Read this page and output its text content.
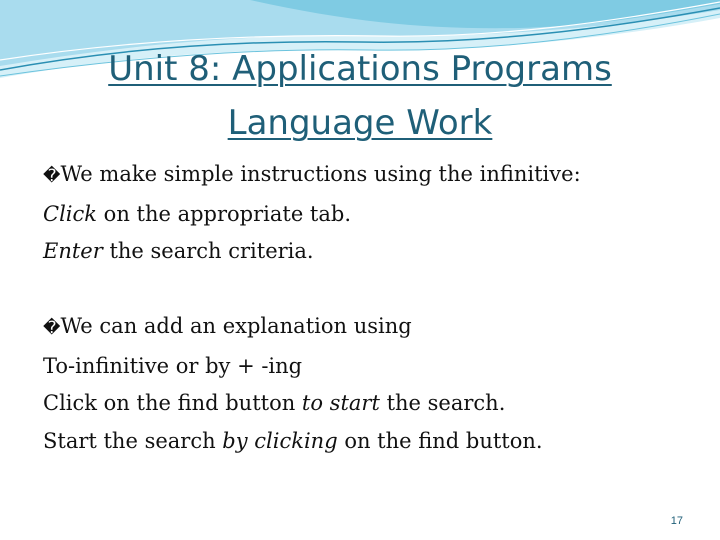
Unit 8: Applications Programs
Language Work
�We make simple instructions using the infinitive:
Click on the appropriate tab.
Enter the search criteria.
�We can add an explanation using
To-infinitive or by + -ing
Click on the find button to start the search.
Start the search by clicking on the find button.
17
